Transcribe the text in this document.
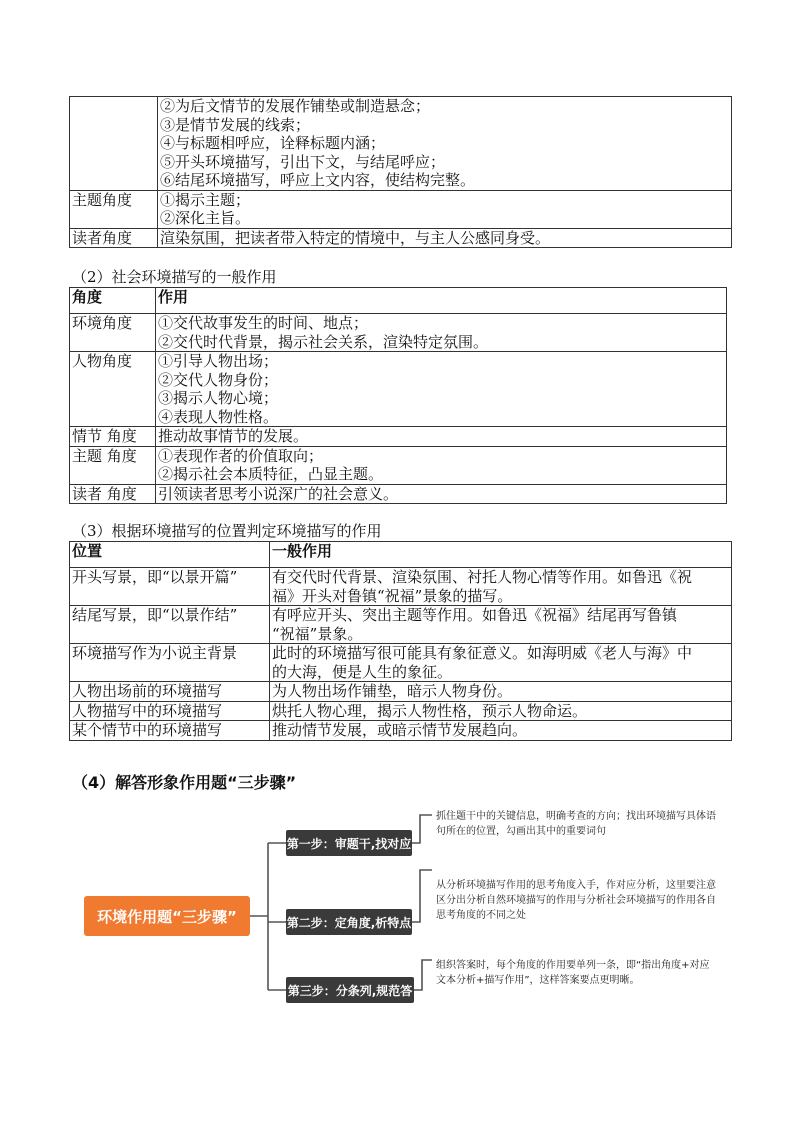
	②为后文情节的发展作铺垫或制造悬念；
③是情节发展的线索；
④与标题相呼应，诠释标题内涵；
⑤开头环境描写，引出下文，与结尾呼应；
⑥结尾环境描写，呼应上文内容，使结构完整。

主题角度	①揭示主题；
②深化主旨。

读者角度	渲染氛围，把读者带入特定的情境中，与主人公感同身受。
（2）社会环境描写的一般作用
角度	作用
环境角度	①交代故事发生的时间、地点；
②交代时代背景，揭示社会关系，渲染特定氛围。

人物角度	①引导人物出场；
②交代人物身份；
③揭示人物心境；
④表现人物性格。

情节 角度	推动故事情节的发展。

主题 角度	①表现作者的价值取向；
②揭示社会本质特征，凸显主题。

读者 角度	引领读者思考小说深广的社会意义。
（3）根据环境描写的位置判定环境描写的作用
位置	一般作用
开头写景，即“以景开篇”	有交代时代背景、渲染氛围、衬托人物心情等作用。如鲁迅《祝
福》开头对鲁镇“祝福”景象的描写。

结尾写景，即“以景作结”	有呼应开头、突出主题等作用。如鲁迅《祝福》结尾再写鲁镇
“祝福”景象。

环境描写作为小说主背景	此时的环境描写很可能具有象征意义。如海明威《老人与海》中
的大海，便是人生的象征。

人物出场前的环境描写	为人物出场作铺垫，暗示人物身份。

人物描写中的环境描写	烘托人物心理，揭示人物性格，预示人物命运。

某个情节中的环境描写	推动情节发展，或暗示情节发展趋向。
（4）解答形象作用题“三步骤”
环境作用题“三步骤”
第一步：审题干,找对应
第二步：定角度,析特点
第三步：分条列,规范答
抓住题干中的关键信息，明确考查的方向；找出环境描写具体语句所在的位置，勾画出其中的重要词句
从分析环境描写作用的思考角度入手，作对应分析，这里要注意区分出分析自然环境描写的作用与分析社会环境描写的作用各自思考角度的不同之处
组织答案时，每个角度的作用要单列一条，即“指出角度+对应文本分析+描写作用”，这样答案要点更明晰。
